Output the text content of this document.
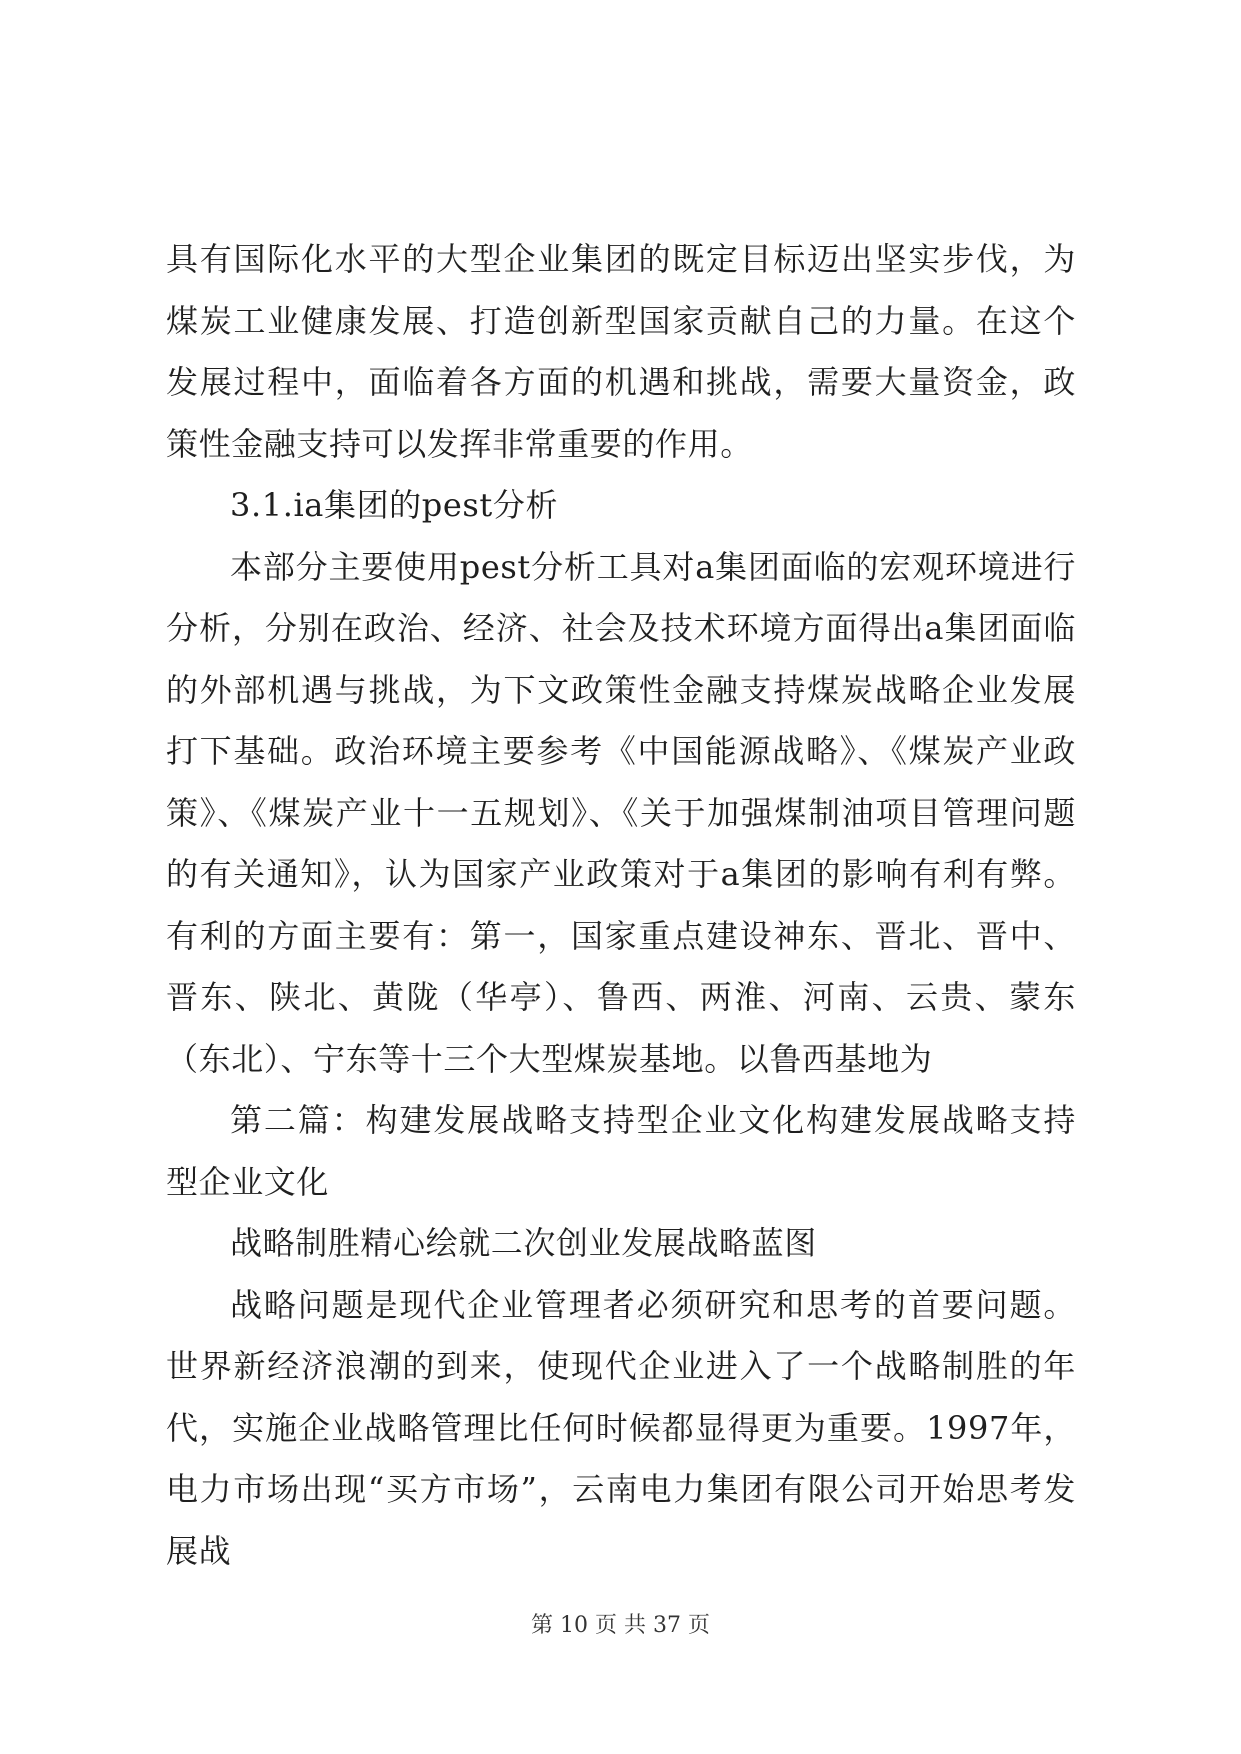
具有国际化水平的大型企业集团的既定目标迈出坚实步伐，为煤炭工业健康发展、打造创新型国家贡献自己的力量。在这个发展过程中，面临着各方面的机遇和挑战，需要大量资金，政策性金融支持可以发挥非常重要的作用。

3.1.ia集团的pest分析

本部分主要使用pest分析工具对a集团面临的宏观环境进行分析，分别在政治、经济、社会及技术环境方面得出a集团面临的外部机遇与挑战，为下文政策性金融支持煤炭战略企业发展打下基础。政治环境主要参考《中国能源战略》、《煤炭产业政策》、《煤炭产业十一五规划》、《关于加强煤制油项目管理问题的有关通知》，认为国家产业政策对于a集团的影响有利有弊。有利的方面主要有：第一，国家重点建设神东、晋北、晋中、晋东、陕北、黄陇（华亭）、鲁西、两淮、河南、云贵、蒙东（东北）、宁东等十三个大型煤炭基地。以鲁西基地为

第二篇：构建发展战略支持型企业文化构建发展战略支持型企业文化

战略制胜精心绘就二次创业发展战略蓝图

战略问题是现代企业管理者必须研究和思考的首要问题。世界新经济浪潮的到来，使现代企业进入了一个战略制胜的年代，实施企业战略管理比任何时候都显得更为重要。1997年，电力市场出现“买方市场”，云南电力集团有限公司开始思考发展战

第 10 页 共 37 页
